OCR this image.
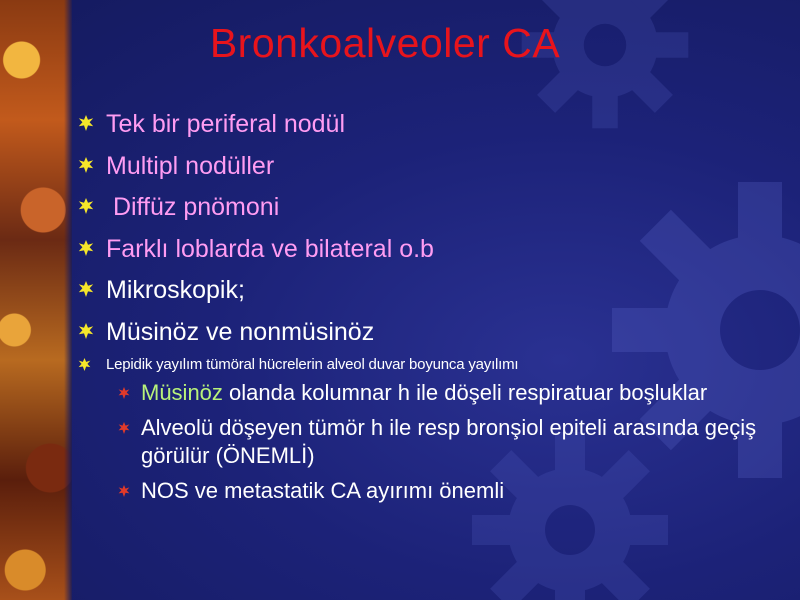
Bronkoalveoler CA
Tek bir periferal nodül
Multipl nodüller
Diffüz pnömoni
Farklı loblarda ve bilateral o.b
Mikroskopik;
Müsinöz ve nonmüsinöz
Lepidik yayılım tümöral hücrelerin alveol duvar boyunca yayılımı
Müsinöz olanda kolumnar h ile döşeli respiratuar boşluklar
Alveolü döşeyen tümör h ile resp bronşiol epiteli arasında geçiş görülür (ÖNEMLİ)
NOS ve metastatik CA ayırımı önemli
